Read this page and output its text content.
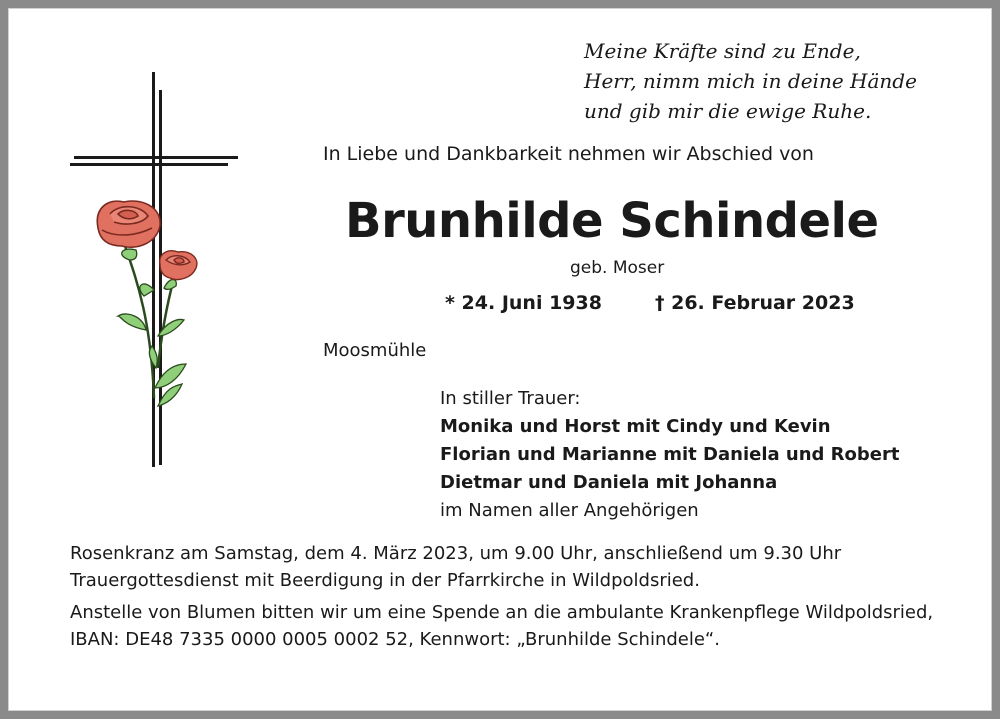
Meine Kräfte sind zu Ende,
Herr, nimm mich in deine Hände
und gib mir die ewige Ruhe.
In Liebe und Dankbarkeit nehmen wir Abschied von
Brunhilde Schindele
geb. Moser
* 24. Juni 1938	† 26. Februar 2023
Moosmühle
In stiller Trauer:
Monika und Horst mit Cindy und Kevin
Florian und Marianne mit Daniela und Robert
Dietmar und Daniela mit Johanna
im Namen aller Angehörigen

Rosenkranz am Samstag, dem 4. März 2023, um 9.00 Uhr, anschließend um 9.30 Uhr Trauergottesdienst mit Beerdigung in der Pfarrkirche in Wildpoldsried.

Anstelle von Blumen bitten wir um eine Spende an die ambulante Krankenpflege Wildpoldsried, IBAN: DE48 7335 0000 0005 0002 52, Kennwort: „Brunhilde Schindele“.
